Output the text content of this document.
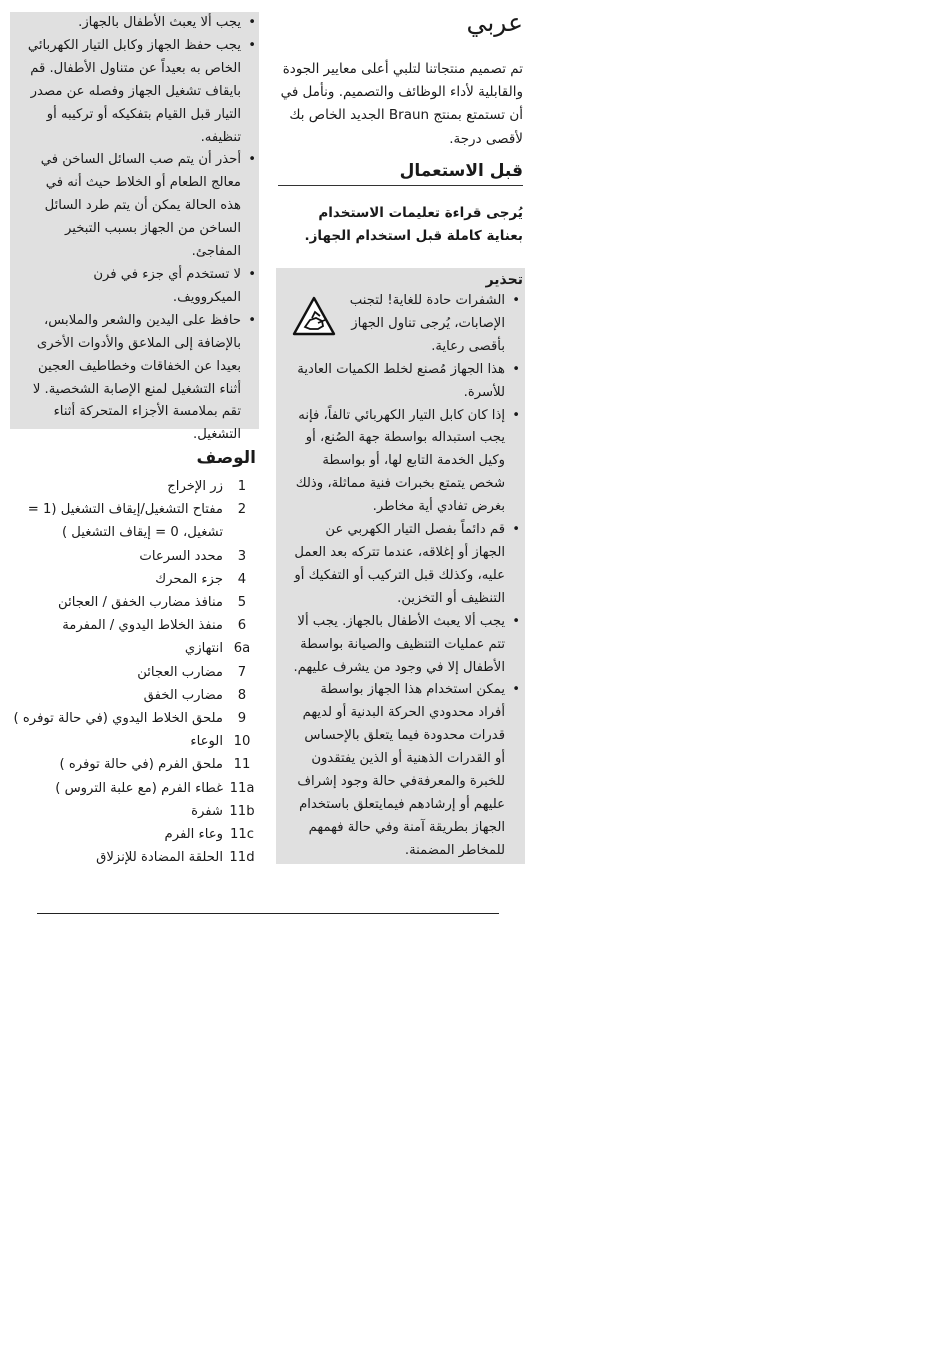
عربي
تم تصميم منتجاتنا لتلبي أعلى معايير الجودة والقابلية لأداء الوظائف والتصميم. ونأمل في أن تستمتع بمنتج Braun الجديد الخاص بك لأقصى درجة.
قبل الاستعمال
يُرجى قراءة تعليمات الاستخدام بعناية كاملة قبل استخدام الجهاز.
تحذير
• الشفرات حادة للغاية! لتجنب الإصابات، يُرجى تناول الجهاز بأقصى رعاية.
• هذا الجهاز مُصنع لخلط الكميات العادية للأسرة.
• إذا كان كابل التيار الكهربائي تالفاً، فإنه يجب استبداله بواسطة جهة الصُنع، أو وكيل الخدمة التابع لها، أو بواسطة شخص يتمتع بخبرات فنية مماثلة، وذلك بغرض تفادي أية مخاطر.
• قم دائماً بفصل التيار الكهربي عن الجهاز أو إغلاقه، عندما تتركه بعد العمل عليه، وكذلك قبل التركيب أو التفكيك أو التنظيف أو التخزين.
• يجب ألا يعبث الأطفال بالجهاز. يجب ألا تتم عمليات التنظيف والصيانة بواسطة الأطفال إلا في وجود من يشرف عليهم.
• يمكن استخدام هذا الجهاز بواسطة أفراد محدودي الحركة البدنية أو لديهم قدرات محدودة فيما يتعلق بالإحساس أو القدرات الذهنية أو الذين يفتقدون للخبرة والمعرفةفي حالة وجود إشراف عليهم أو إرشادهم فيمايتعلق باستخدام الجهاز بطريقة آمنة وفي حالة فهمهم للمخاطر المضمنة.
• يجب ألا يعبث الأطفال بالجهاز.
• يجب حفظ الجهاز وكابل التيار الكهربائي الخاص به بعيداً عن متناول الأطفال. قم بايقاف تشغيل الجهاز وفصله عن مصدر التيار قبل القيام بتفكيكه أو تركيبه أو تنظيفه.
• أحذر أن يتم صب السائل الساخن في معالج الطعام أو الخلاط حيث أنه في هذه الحالة يمكن أن يتم طرد السائل الساخن من الجهاز بسبب التبخير المفاجئ.
• لا تستخدم أي جزء في فرن الميكروويف.
• حافظ على اليدين والشعر والملابس، بالإضافة إلى الملاعق والأدوات الأخرى بعيدا عن الخفاقات وخطاطيف العجين أثناء التشغيل لمنع الإصابة الشخصية. لا تقم بملامسة الأجزاء المتحركة أثناء التشغيل.
الوصف
1
زر الإخراج
2
مفتاح التشغيل/إيقاف التشغيل (1 = تشغيل، 0 = إيقاف التشغيل )
3
محدد السرعات
4
جزء المحرك
5
منافذ مضارب الخفق / العجائن
6
منفذ الخلاط اليدوي / المفرمة
6a
انتهازي
7
مضارب العجائن
8
مضارب الخفق
9
ملحق الخلاط اليدوي (في حالة توفره )
10
الوعاء
11
ملحق الفرم (في حالة توفره )
11a
غطاء الفرم (مع علبة التروس )
11b
شفرة
11c
وعاء الفرم
11d
الحلقة المضادة للإنزلاق
